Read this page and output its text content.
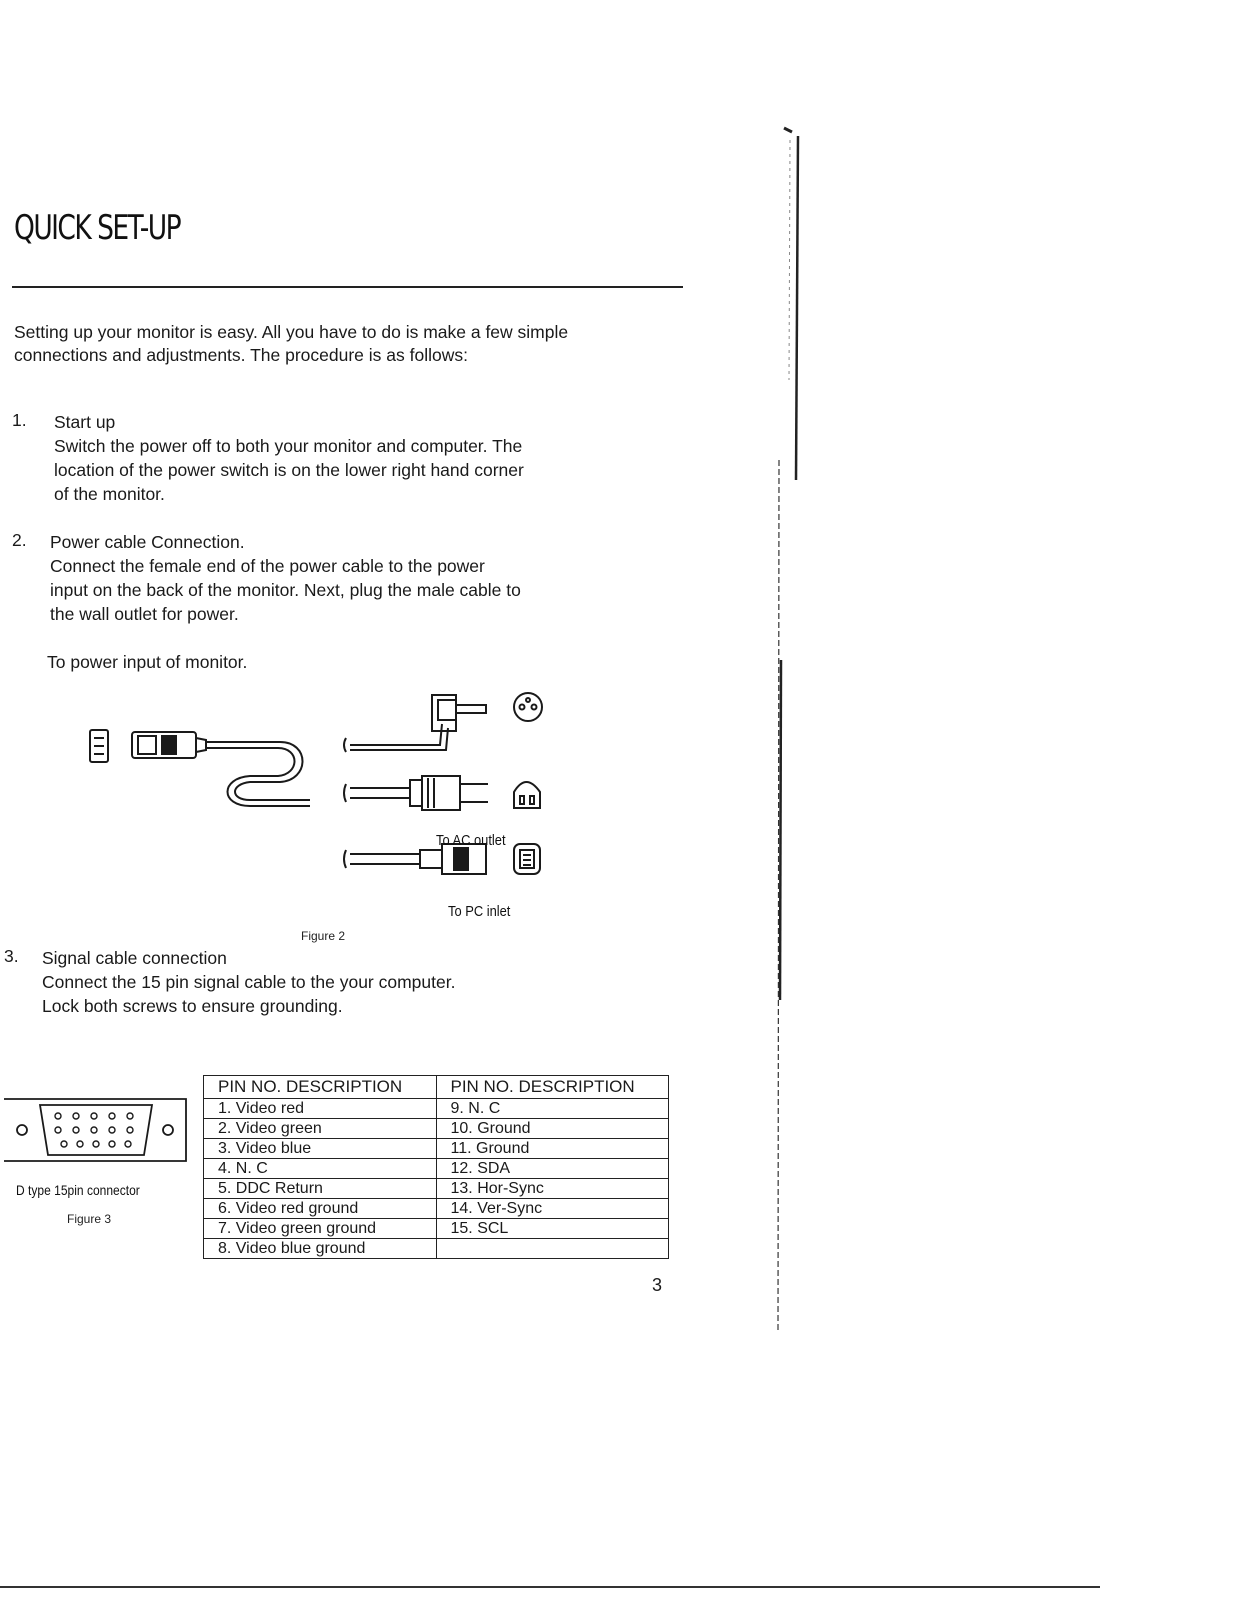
QUICK SET-UP
Setting up your monitor is easy. All you have to do is make a few simple connections and adjustments. The procedure is as follows:
1. Start up
Switch the power off to both your monitor and computer. The
location of the power switch is on the lower right hand corner
of the monitor.
2. Power cable Connection.
Connect the female end of the power cable to the power
input on the back of the monitor. Next, plug the male cable to
the wall outlet for power.
To power input of monitor.
To AC outlet
To PC inlet
Figure 2
3. Signal cable connection
Connect the 15 pin signal cable to the your computer.
Lock both screws to ensure grounding.
D type 15pin connector
Figure 3
PIN NO. DESCRIPTION	PIN NO. DESCRIPTION
1. Video red	9. N. C
2. Video green	10. Ground
3. Video blue	11. Ground
4. N. C	12. SDA
5. DDC Return	13. Hor-Sync
6. Video red ground	14. Ver-Sync
7. Video green ground	15. SCL
8. Video blue ground	
3
